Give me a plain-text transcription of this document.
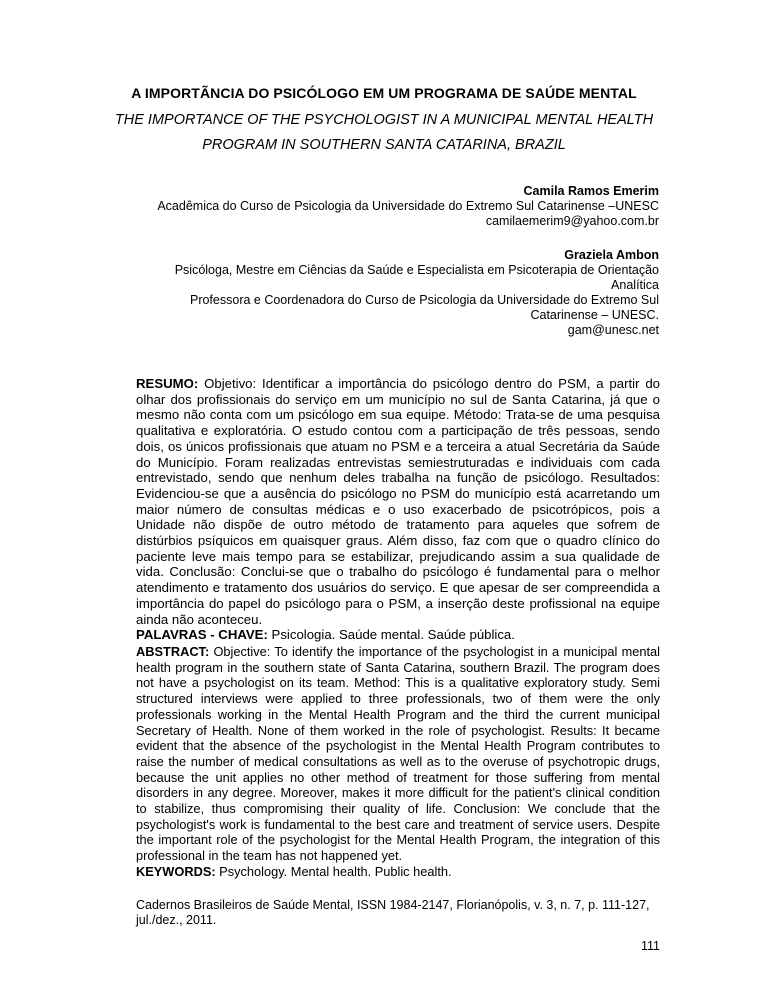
A IMPORTÃNCIA DO PSICÓLOGO EM UM PROGRAMA DE SAÚDE MENTAL
THE IMPORTANCE OF THE PSYCHOLOGIST IN A MUNICIPAL MENTAL HEALTH PROGRAM IN SOUTHERN SANTA CATARINA, BRAZIL
Camila Ramos Emerim
Acadêmica do Curso de Psicologia da Universidade do Extremo Sul Catarinense –UNESC
camilaemerim9@yahoo.com.br
Graziela Ambon
Psicóloga, Mestre em Ciências da Saúde e Especialista em Psicoterapia de Orientação
Analítica
Professora e Coordenadora do Curso de Psicologia da Universidade do Extremo Sul
Catarinense – UNESC.
gam@unesc.net

RESUMO: Objetivo: Identificar a importância do psicólogo dentro do PSM, a partir do olhar dos profissionais do serviço em um município no sul de Santa Catarina, já que o mesmo não conta com um psicólogo em sua equipe. Método: Trata-se de uma pesquisa qualitativa e exploratória. O estudo contou com a participação de três pessoas, sendo dois, os únicos profissionais que atuam no PSM e a terceira a atual Secretária da Saúde do Município. Foram realizadas entrevistas semiestruturadas e individuais com cada entrevistado, sendo que nenhum deles trabalha na função de psicólogo. Resultados: Evidenciou-se que a ausência do psicólogo no PSM do município está acarretando um maior número de consultas médicas e o uso exacerbado de psicotrópicos, pois a Unidade não dispõe de outro método de tratamento para aqueles que sofrem de distúrbios psíquicos em quaisquer graus. Além disso, faz com que o quadro clínico do paciente leve mais tempo para se estabilizar, prejudicando assim a sua qualidade de vida. Conclusão: Conclui-se que o trabalho do psicólogo é fundamental para o melhor atendimento e tratamento dos usuários do serviço. E que apesar de ser compreendida a importância do papel do psicólogo para o PSM, a inserção deste profissional na equipe ainda não aconteceu.

PALAVRAS - CHAVE: Psicologia. Saúde mental. Saúde pública.

ABSTRACT: Objective: To identify the importance of the psychologist in a municipal mental health program in the southern state of Santa Catarina, southern Brazil. The program does not have a psychologist on its team. Method: This is a qualitative exploratory study. Semi structured interviews were applied to three professionals, two of them were the only professionals working in the Mental Health Program and the third the current municipal Secretary of Health. None of them worked in the role of psychologist. Results: It became evident that the absence of the psychologist in the Mental Health Program contributes to raise the number of medical consultations as well as to the overuse of psychotropic drugs, because the unit applies no other method of treatment for those suffering from mental disorders in any degree. Moreover, makes it more difficult for the patient's clinical condition to stabilize, thus compromising their quality of life. Conclusion: We conclude that the psychologist's work is fundamental to the best care and treatment of service users. Despite the important role of the psychologist for the Mental Health Program, the integration of this professional in the team has not happened yet.

KEYWORDS: Psychology. Mental health. Public health.

Cadernos Brasileiros de Saúde Mental, ISSN 1984-2147, Florianópolis, v. 3, n. 7, p. 111-127, jul./dez., 2011.
111
